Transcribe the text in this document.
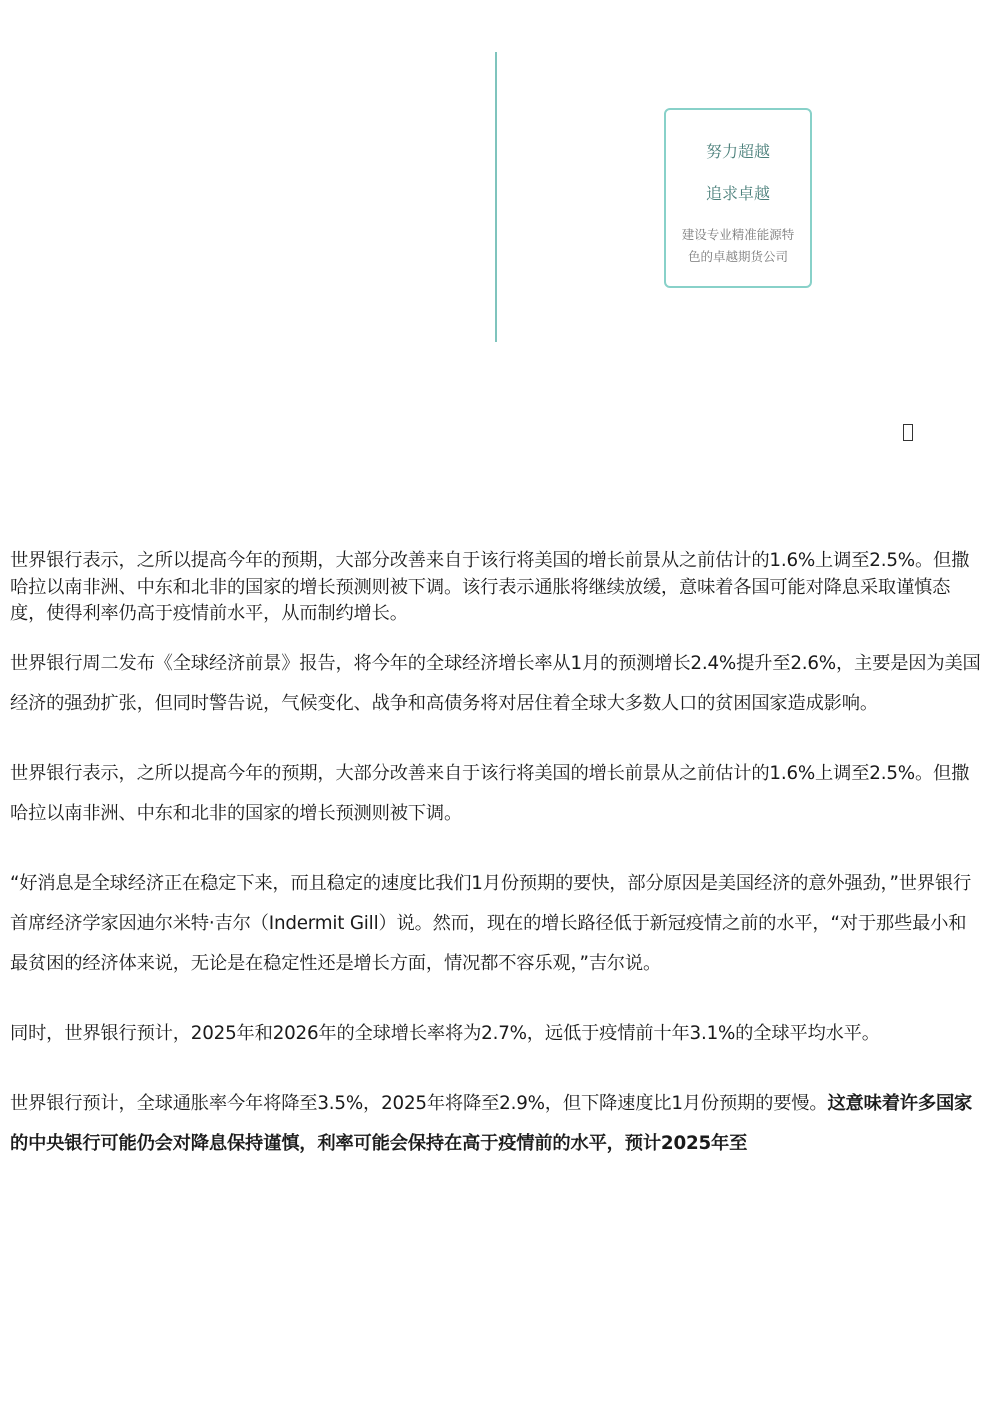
努力超越
追求卓越
建设专业精准能源特色的卓越期货公司

世界银行表示，之所以提高今年的预期，大部分改善来自于该行将美国的增长前景从之前估计的1.6%上调至2.5%。但撒哈拉以南非洲、中东和北非的国家的增长预测则被下调。该行表示通胀将继续放缓，意味着各国可能对降息采取谨慎态度，使得利率仍高于疫情前水平，从而制约增长。

世界银行周二发布《全球经济前景》报告，将今年的全球经济增长率从1月的预测增长2.4%提升至2.6%，主要是因为美国经济的强劲扩张，但同时警告说，气候变化、战争和高债务将对居住着全球大多数人口的贫困国家造成影响。

世界银行表示，之所以提高今年的预期，大部分改善来自于该行将美国的增长前景从之前估计的1.6%上调至2.5%。但撒哈拉以南非洲、中东和北非的国家的增长预测则被下调。

“好消息是全球经济正在稳定下来，而且稳定的速度比我们1月份预期的要快，部分原因是美国经济的意外强劲，”世界银行首席经济学家因迪尔米特·吉尔（Indermit Gill）说。然而，现在的增长路径低于新冠疫情之前的水平，“对于那些最小和最贫困的经济体来说，无论是在稳定性还是增长方面，情况都不容乐观，”吉尔说。

同时，世界银行预计，2025年和2026年的全球增长率将为2.7%，远低于疫情前十年3.1%的全球平均水平。

世界银行预计，全球通胀率今年将降至3.5%，2025年将降至2.9%，但下降速度比1月份预期的要慢。这意味着许多国家的中央银行可能仍会对降息保持谨慎，利率可能会保持在高于疫情前的水平，预计2025年至
